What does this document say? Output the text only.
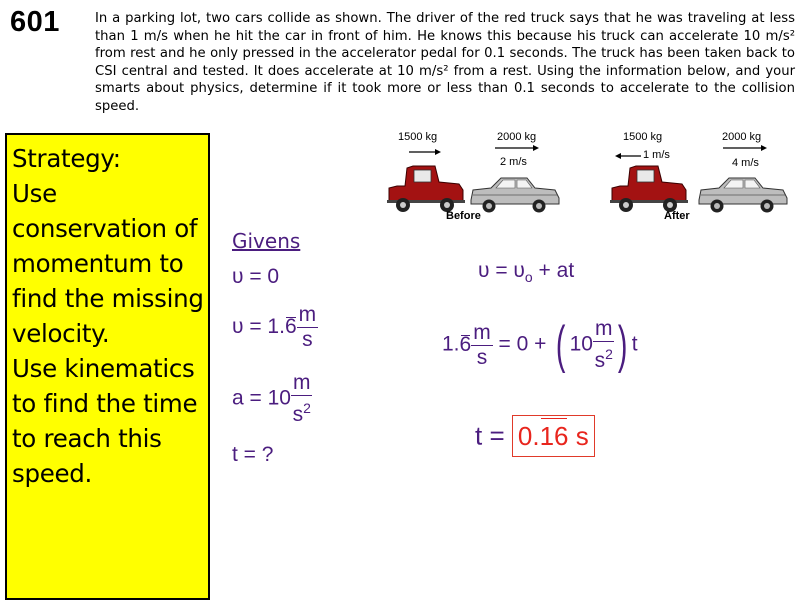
601	In a parking lot, two cars collide as shown. The driver of the red truck says that he was traveling at less than 1 m/s when he hit the car in front of him. He knows this because his truck can accelerate 10 m/s² from rest and he only pressed in the accelerator pedal for 0.1 seconds. The truck has been taken back to CSI central and tested. It does accelerate at 10 m/s² from a rest. Using the information below, and your smarts about physics, determine if it took more or less than 0.1 seconds to accelerate to the collision speed.
Strategy:
Use
conservation of
momentum to
find the missing
velocity.
Use kinematics
to find the time
to reach this
speed.
1500 kg	2000 kg
2 m/s
Before
1500 kg	2000 kg
1 m/s
4 m/s
After
Givens
υ = 0
$\upsilon = 1.6 \frac{m}{s}$
$a = 10 \frac{m}{s^2}$
t = ?
$\upsilon = \upsilon_o$ + at
$1.6 \frac{m}{s} = 0$ + ( $10 \frac{m}{s^2}$ ) t
t = 0.16 s
